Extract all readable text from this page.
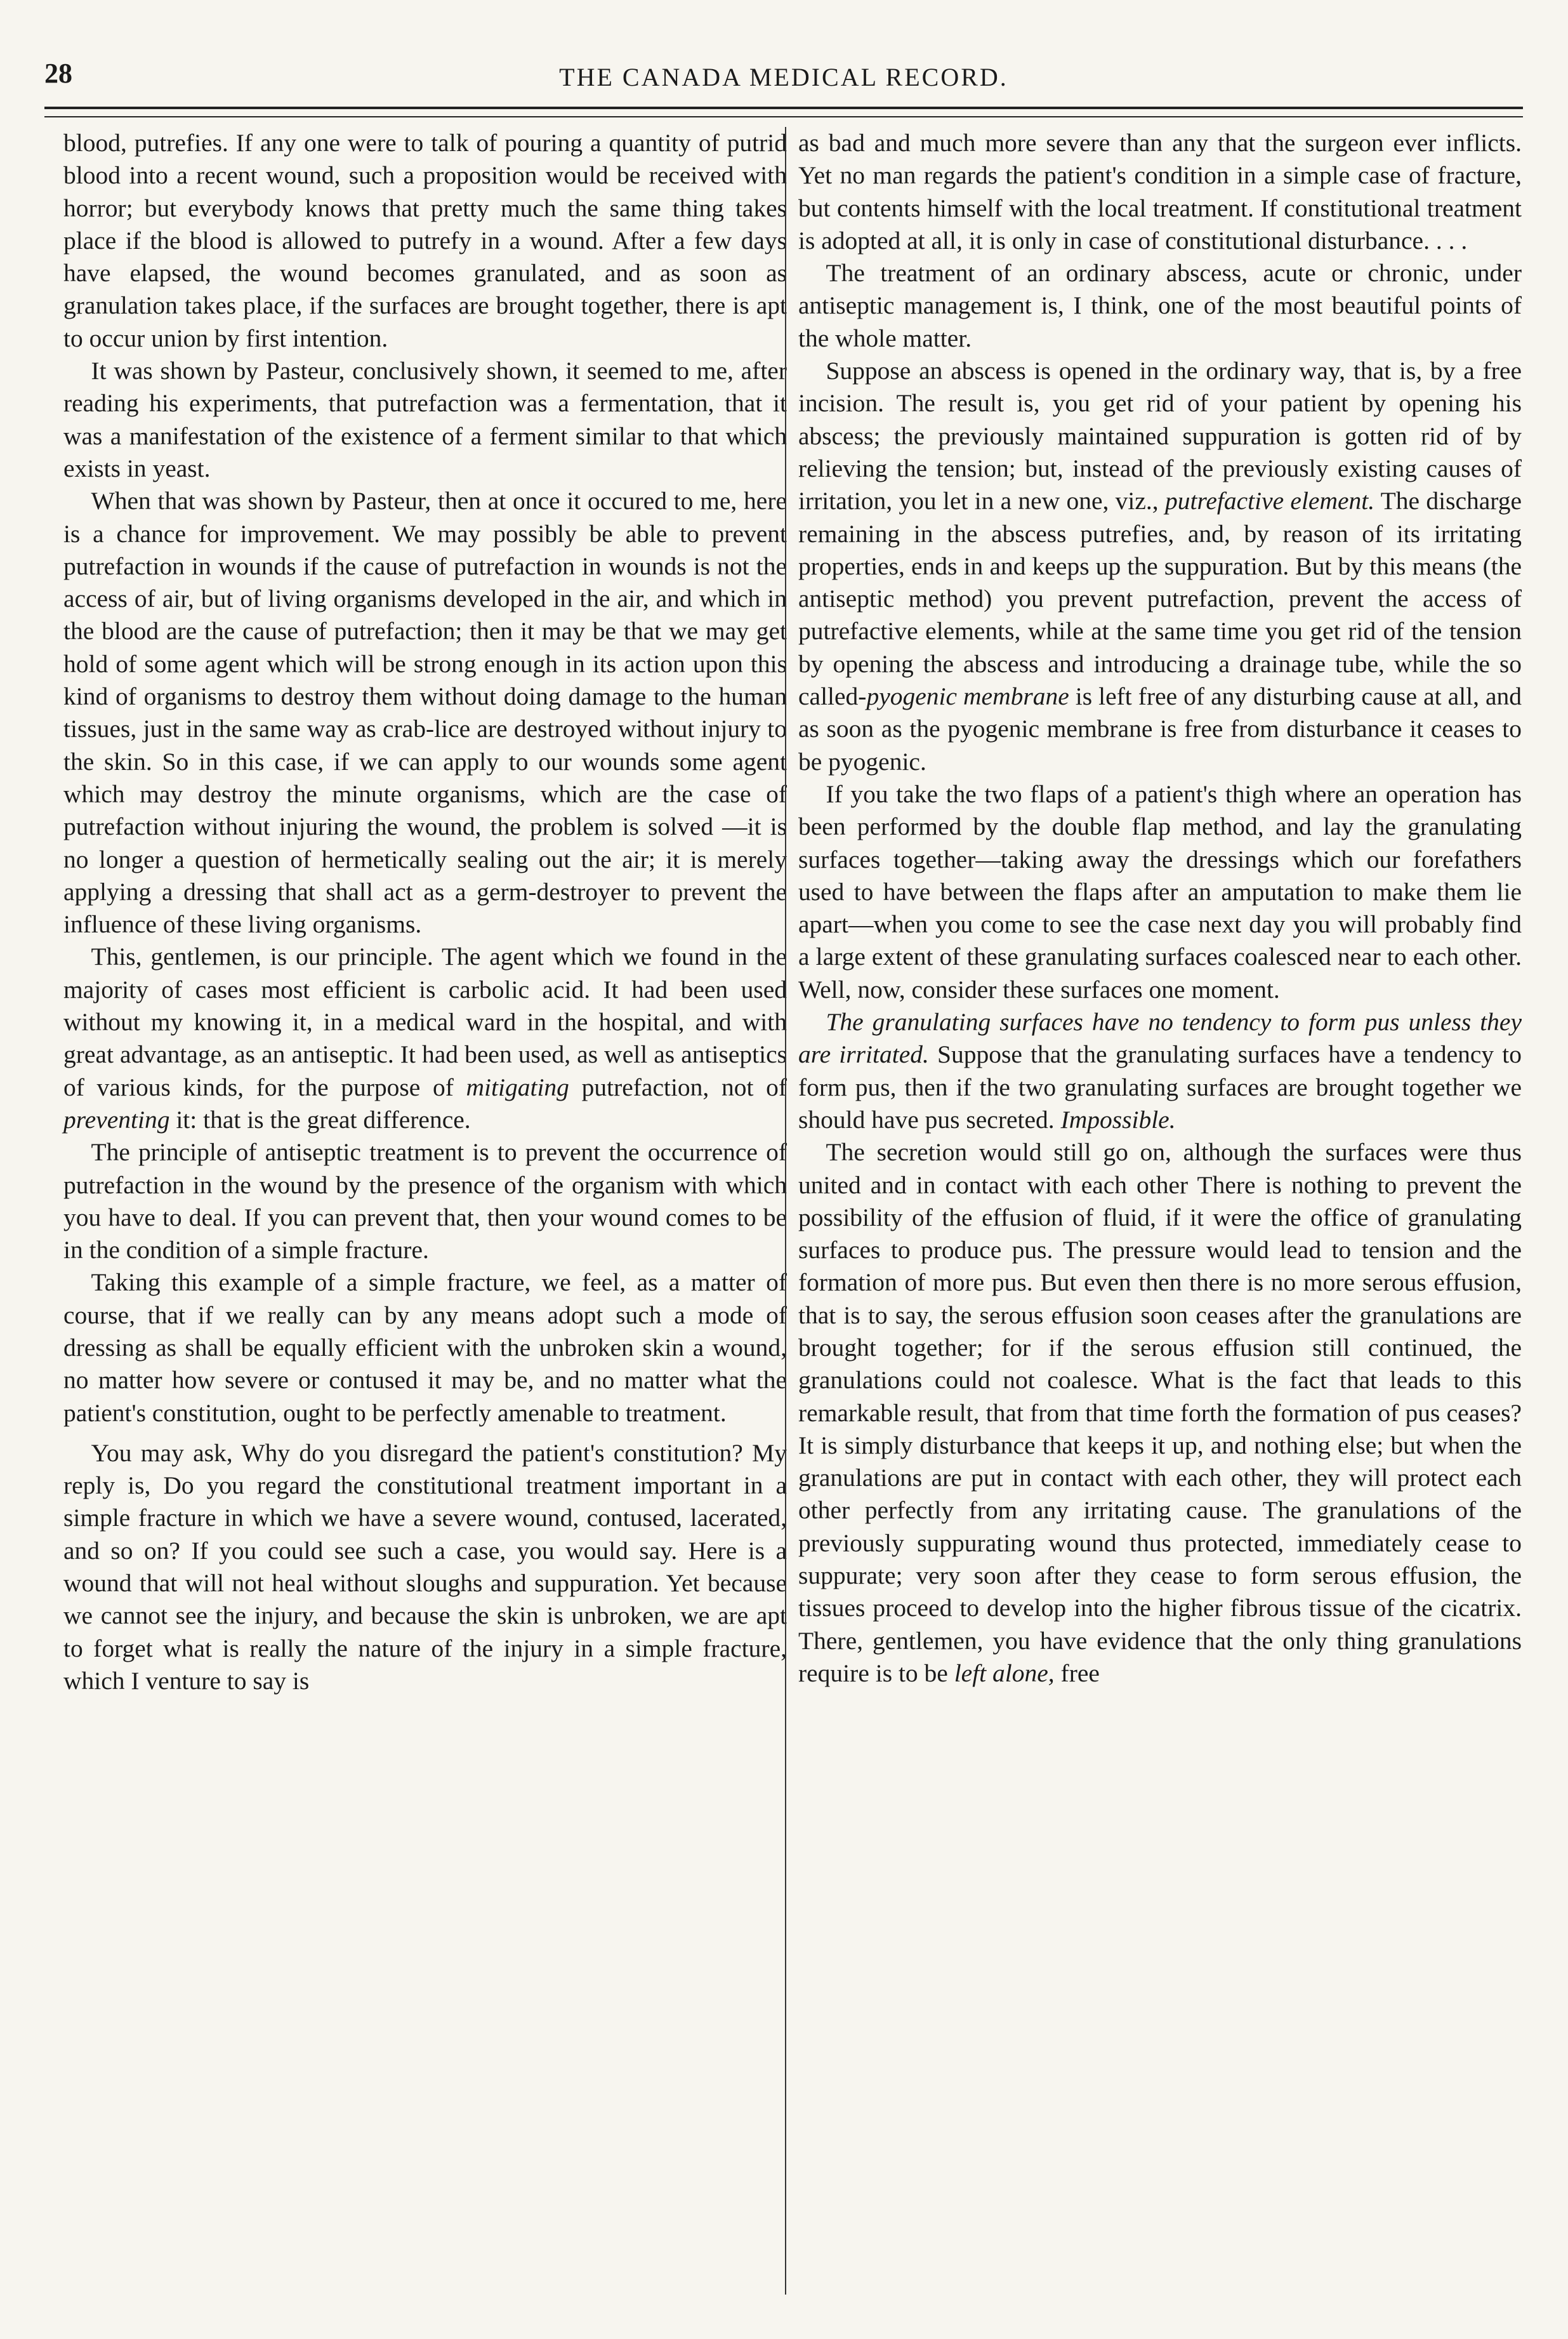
28	THE CANADA MEDICAL RECORD.

blood, putrefies. If any one were to talk of pouring a quantity of putrid blood into a recent wound, such a proposition would be received with horror; but everybody knows that pretty much the same thing takes place if the blood is allowed to putrefy in a wound. After a few days have elapsed, the wound becomes granulated, and as soon as granulation takes place, if the surfaces are brought together, there is apt to occur union by first intention.

It was shown by Pasteur, conclusively shown, it seemed to me, after reading his experiments, that putrefaction was a fermentation, that it was a manifestation of the existence of a ferment similar to that which exists in yeast.

When that was shown by Pasteur, then at once it occured to me, here is a chance for improvement. We may possibly be able to prevent putrefaction in wounds if the cause of putrefaction in wounds is not the access of air, but of living organisms developed in the air, and which in the blood are the cause of putrefaction; then it may be that we may get hold of some agent which will be strong enough in its action upon this kind of organisms to destroy them without doing damage to the human tissues, just in the same way as crab-lice are destroyed without injury to the skin. So in this case, if we can apply to our wounds some agent which may destroy the minute organisms, which are the case of putrefaction without injuring the wound, the problem is solved —it is no longer a question of hermetically sealing out the air; it is merely applying a dressing that shall act as a germ-destroyer to prevent the influence of these living organisms.

This, gentlemen, is our principle. The agent which we found in the majority of cases most efficient is carbolic acid. It had been used without my knowing it, in a medical ward in the hospital, and with great advantage, as an antiseptic. It had been used, as well as antiseptics of various kinds, for the purpose of mitigating putrefaction, not of preventing it: that is the great difference.

The principle of antiseptic treatment is to prevent the occurrence of putrefaction in the wound by the presence of the organism with which you have to deal. If you can prevent that, then your wound comes to be in the condition of a simple fracture.

Taking this example of a simple fracture, we feel, as a matter of course, that if we really can by any means adopt such a mode of dressing as shall be equally efficient with the unbroken skin a wound, no matter how severe or contused it may be, and no matter what the patient's constitution, ought to be perfectly amenable to treatment.

You may ask, Why do you disregard the patient's constitution? My reply is, Do you regard the constitutional treatment important in a simple fracture in which we have a severe wound, contused, lacerated, and so on? If you could see such a case, you would say. Here is a wound that will not heal without sloughs and suppuration. Yet because we cannot see the injury, and because the skin is unbroken, we are apt to forget what is really the nature of the injury in a simple fracture, which I venture to say is

as bad and much more severe than any that the surgeon ever inflicts. Yet no man regards the patient's condition in a simple case of fracture, but contents himself with the local treatment. If constitutional treatment is adopted at all, it is only in case of constitutional disturbance. . . .

The treatment of an ordinary abscess, acute or chronic, under antiseptic management is, I think, one of the most beautiful points of the whole matter.

Suppose an abscess is opened in the ordinary way, that is, by a free incision. The result is, you get rid of your patient by opening his abscess; the previously maintained suppuration is gotten rid of by relieving the tension; but, instead of the previously existing causes of irritation, you let in a new one, viz., putrefactive element. The discharge remaining in the abscess putrefies, and, by reason of its irritating properties, ends in and keeps up the suppuration. But by this means (the antiseptic method) you prevent putrefaction, prevent the access of putrefactive elements, while at the same time you get rid of the tension by opening the abscess and introducing a drainage tube, while the so called-pyogenic membrane is left free of any disturbing cause at all, and as soon as the pyogenic membrane is free from disturbance it ceases to be pyogenic.

If you take the two flaps of a patient's thigh where an operation has been performed by the double flap method, and lay the granulating surfaces together—taking away the dressings which our forefathers used to have between the flaps after an amputation to make them lie apart—when you come to see the case next day you will probably find a large extent of these granulating surfaces coalesced near to each other. Well, now, consider these surfaces one moment.

The granulating surfaces have no tendency to form pus unless they are irritated. Suppose that the granulating surfaces have a tendency to form pus, then if the two granulating surfaces are brought together we should have pus secreted. Impossible.

The secretion would still go on, although the surfaces were thus united and in contact with each other There is nothing to prevent the possibility of the effusion of fluid, if it were the office of granulating surfaces to produce pus. The pressure would lead to tension and the formation of more pus. But even then there is no more serous effusion, that is to say, the serous effusion soon ceases after the granulations are brought together; for if the serous effusion still continued, the granulations could not coalesce. What is the fact that leads to this remarkable result, that from that time forth the formation of pus ceases? It is simply disturbance that keeps it up, and nothing else; but when the granulations are put in contact with each other, they will protect each other perfectly from any irritating cause. The granulations of the previously suppurating wound thus protected, immediately cease to suppurate; very soon after they cease to form serous effusion, the tissues proceed to develop into the higher fibrous tissue of the cicatrix. There, gentlemen, you have evidence that the only thing granulations require is to be left alone, free
